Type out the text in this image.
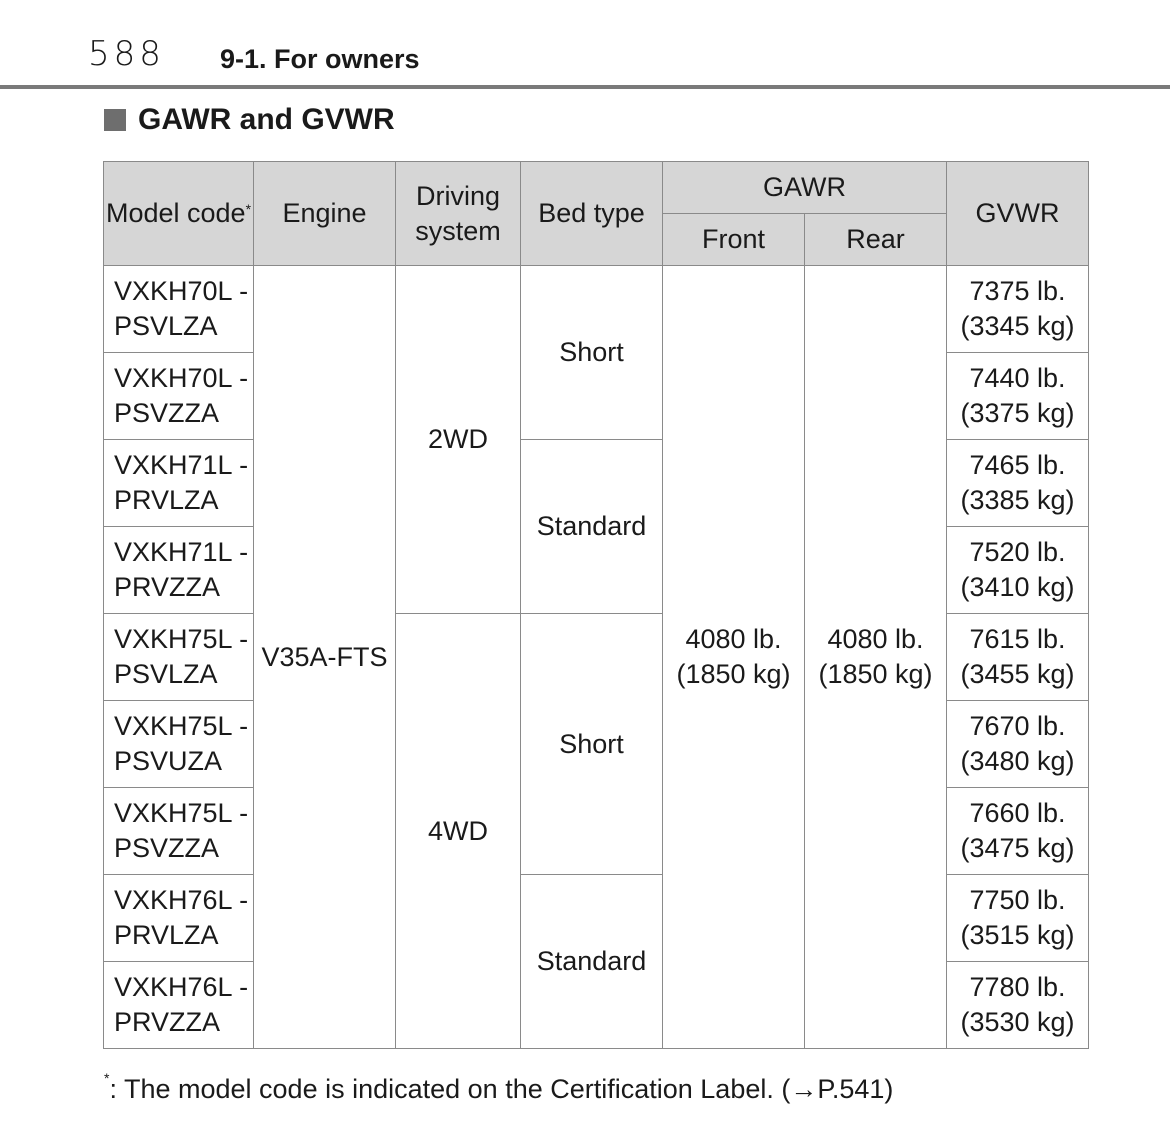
588 9-1. For owners
GAWR and GVWR
Model code*	Engine	Driving system	Bed type	GAWR		GVWR
				Front	Rear	
VXKH70L -PSVLZA	V35A-FTS	2WD	Short	4080 lb. (1850 kg)	4080 lb. (1850 kg)	7375 lb. (3345 kg)
VXKH70L -PSVZZA						7440 lb. (3375 kg)
VXKH71L -PRVLZA			Standard			7465 lb. (3385 kg)
VXKH71L -PRVZZA						7520 lb. (3410 kg)
VXKH75L -PSVLZA		4WD	Short			7615 lb. (3455 kg)
VXKH75L -PSVUZA						7670 lb. (3480 kg)
VXKH75L -PSVZZA						7660 lb. (3475 kg)
VXKH76L -PRVLZA			Standard			7750 lb. (3515 kg)
VXKH76L -PRVZZA						7780 lb. (3530 kg)
*: The model code is indicated on the Certification Label. (→P.541)
